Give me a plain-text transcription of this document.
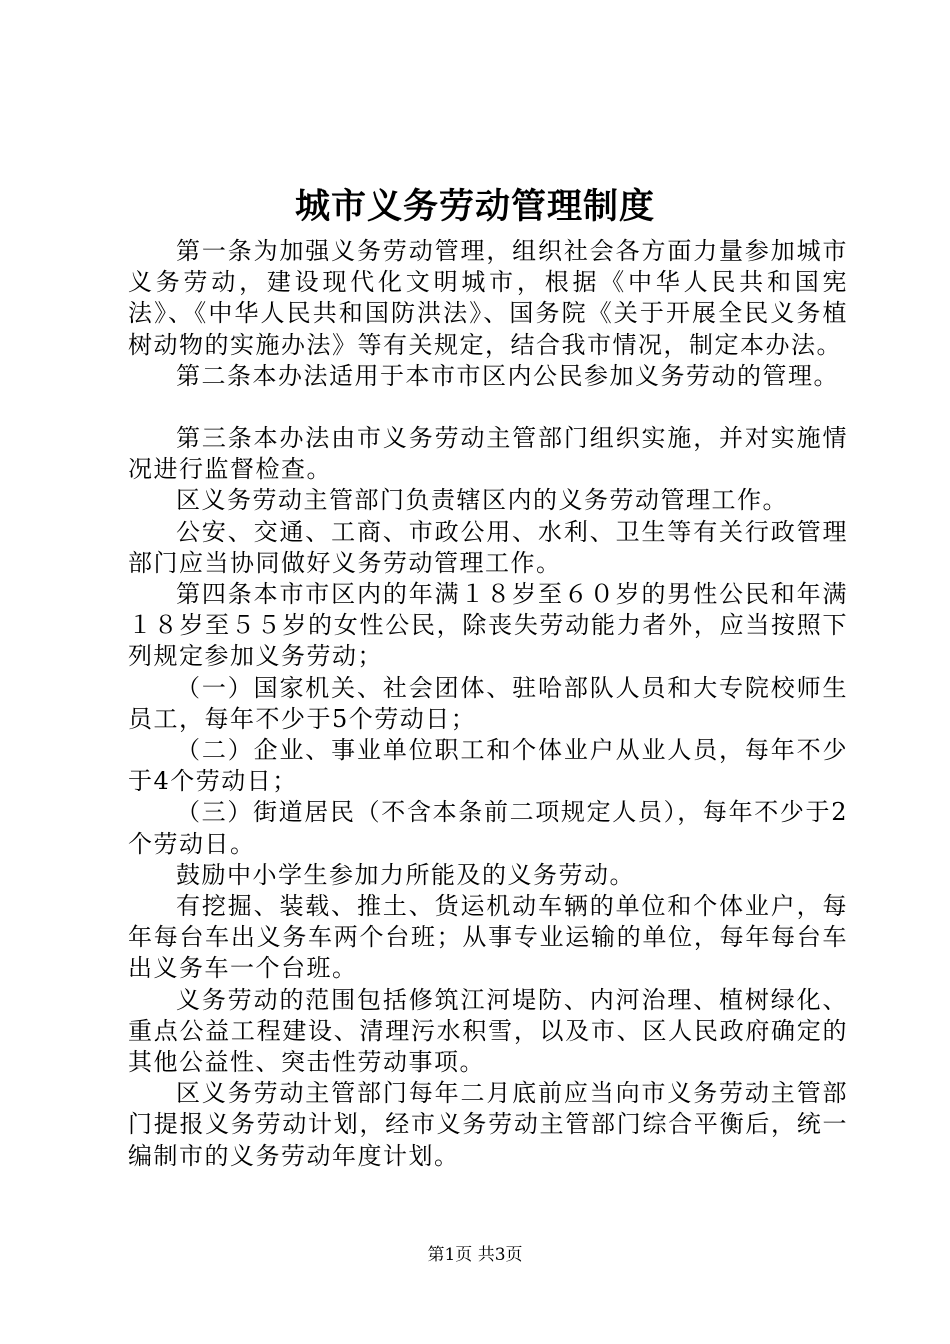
城市义务劳动管理制度

第一条为加强义务劳动管理，组织社会各方面力量参加城市义务劳动，建设现代化文明城市，根据《中华人民共和国宪法》、《中华人民共和国防洪法》、国务院《关于开展全民义务植树动物的实施办法》等有关规定，结合我市情况，制定本办法。

第二条本办法适用于本市市区内公民参加义务劳动的管理。

第三条本办法由市义务劳动主管部门组织实施，并对实施情况进行监督检查。

区义务劳动主管部门负责辖区内的义务劳动管理工作。

公安、交通、工商、市政公用、水利、卫生等有关行政管理部门应当协同做好义务劳动管理工作。

第四条本市市区内的年满１８岁至６０岁的男性公民和年满１８岁至５５岁的女性公民，除丧失劳动能力者外，应当按照下列规定参加义务劳动；

（一）国家机关、社会团体、驻哈部队人员和大专院校师生员工，每年不少于5个劳动日；

（二）企业、事业单位职工和个体业户从业人员，每年不少于4个劳动日；

（三）街道居民（不含本条前二项规定人员），每年不少于2个劳动日。

鼓励中小学生参加力所能及的义务劳动。

有挖掘、装载、推土、货运机动车辆的单位和个体业户，每年每台车出义务车两个台班；从事专业运输的单位，每年每台车出义务车一个台班。

义务劳动的范围包括修筑江河堤防、内河治理、植树绿化、重点公益工程建设、清理污水积雪，以及市、区人民政府确定的其他公益性、突击性劳动事项。

区义务劳动主管部门每年二月底前应当向市义务劳动主管部门提报义务劳动计划，经市义务劳动主管部门综合平衡后，统一编制市的义务劳动年度计划。

第1页 共3页
